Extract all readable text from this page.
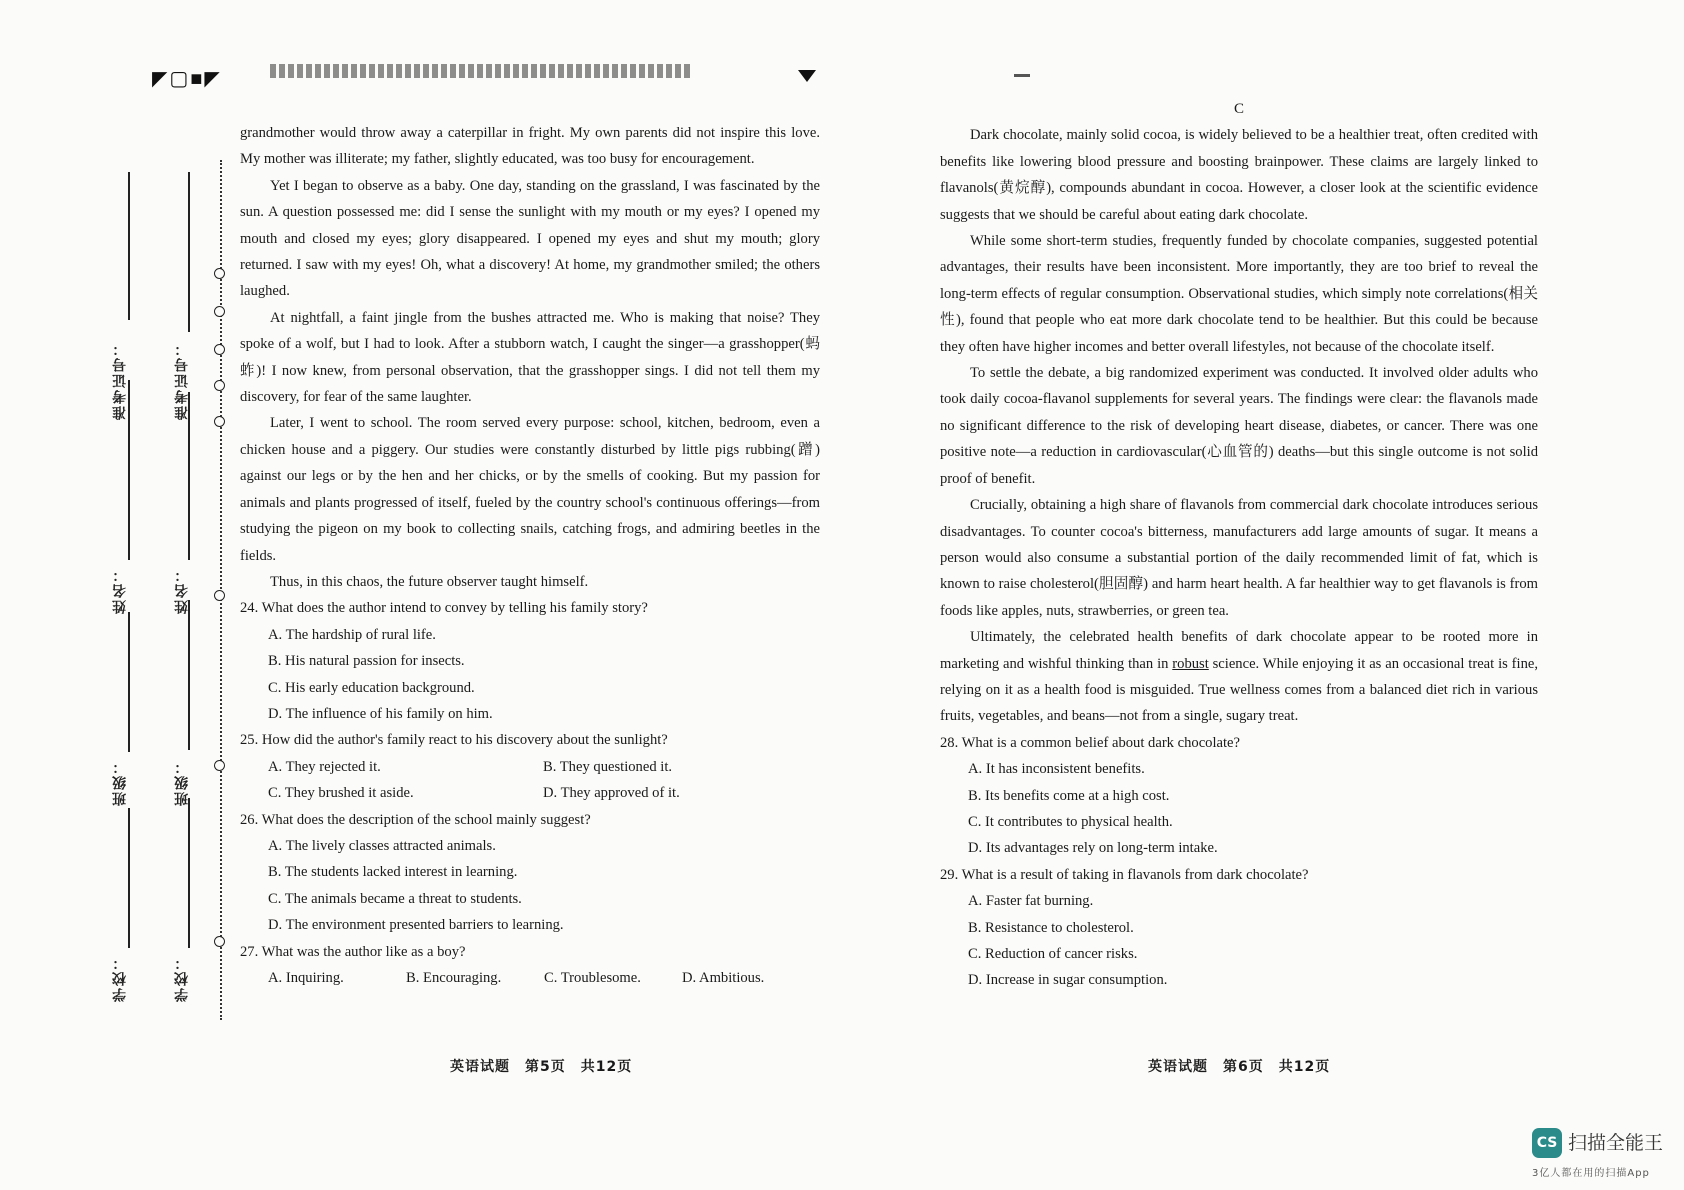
◤▢■◤
准考证号：
姓名：
班级：
学校：
准考证号：
姓名：
班级：
学校：

grandmother would throw away a caterpillar in fright. My own parents did not inspire this love. My mother was illiterate; my father, slightly educated, was too busy for encouragement.

Yet I began to observe as a baby. One day, standing on the grassland, I was fascinated by the sun. A question possessed me: did I sense the sunlight with my mouth or my eyes? I opened my mouth and closed my eyes; glory disappeared. I opened my eyes and shut my mouth; glory returned. I saw with my eyes! Oh, what a discovery! At home, my grandmother smiled; the others laughed.

At nightfall, a faint jingle from the bushes attracted me. Who is making that noise? They spoke of a wolf, but I had to look. After a stubborn watch, I caught the singer—a grasshopper(蚂蚱)! I now knew, from personal observation, that the grasshopper sings. I did not tell them my discovery, for fear of the same laughter.

Later, I went to school. The room served every purpose: school, kitchen, bedroom, even a chicken house and a piggery. Our studies were constantly disturbed by little pigs rubbing(蹭) against our legs or by the hen and her chicks, or by the smells of cooking. But my passion for animals and plants progressed of itself, fueled by the country school's continuous offerings—from studying the pigeon on my book to collecting snails, catching frogs, and admiring beetles in the fields.

Thus, in this chaos, the future observer taught himself.

24. What does the author intend to convey by telling his family story?

A. The hardship of rural life.

B. His natural passion for insects.

C. His early education background.

D. The influence of his family on him.

25. How did the author's family react to his discovery about the sunlight?

A. They rejected it.	B. They questioned it.
C. They brushed it aside.	D. They approved of it.

26. What does the description of the school mainly suggest?

A. The lively classes attracted animals.

B. The students lacked interest in learning.

C. The animals became a threat to students.

D. The environment presented barriers to learning.

27. What was the author like as a boy?

A. Inquiring.	B. Encouraging.	C. Troublesome.	D. Ambitious.
英语试题　第5页　共12页

C

Dark chocolate, mainly solid cocoa, is widely believed to be a healthier treat, often credited with benefits like lowering blood pressure and boosting brainpower. These claims are largely linked to flavanols(黄烷醇), compounds abundant in cocoa. However, a closer look at the scientific evidence suggests that we should be careful about eating dark chocolate.

While some short-term studies, frequently funded by chocolate companies, suggested potential advantages, their results have been inconsistent. More importantly, they are too brief to reveal the long-term effects of regular consumption. Observational studies, which simply note correlations(相关性), found that people who eat more dark chocolate tend to be healthier. But this could be because they often have higher incomes and better overall lifestyles, not because of the chocolate itself.

To settle the debate, a big randomized experiment was conducted. It involved older adults who took daily cocoa-flavanol supplements for several years. The findings were clear: the flavanols made no significant difference to the risk of developing heart disease, diabetes, or cancer. There was one positive note—a reduction in cardiovascular(心血管的) deaths—but this single outcome is not solid proof of benefit.

Crucially, obtaining a high share of flavanols from commercial dark chocolate introduces serious disadvantages. To counter cocoa's bitterness, manufacturers add large amounts of sugar. It means a person would also consume a substantial portion of the daily recommended limit of fat, which is known to raise cholesterol(胆固醇) and harm heart health. A far healthier way to get flavanols is from foods like apples, nuts, strawberries, or green tea.

Ultimately, the celebrated health benefits of dark chocolate appear to be rooted more in marketing and wishful thinking than in robust science. While enjoying it as an occasional treat is fine, relying on it as a health food is misguided. True wellness comes from a balanced diet rich in various fruits, vegetables, and beans—not from a single, sugary treat.

28. What is a common belief about dark chocolate?

A. It has inconsistent benefits.

B. Its benefits come at a high cost.

C. It contributes to physical health.

D. Its advantages rely on long-term intake.

29. What is a result of taking in flavanols from dark chocolate?

A. Faster fat burning.

B. Resistance to cholesterol.

C. Reduction of cancer risks.

D. Increase in sugar consumption.

英语试题　第6页　共12页
CS 扫描全能王
3亿人都在用的扫描App
